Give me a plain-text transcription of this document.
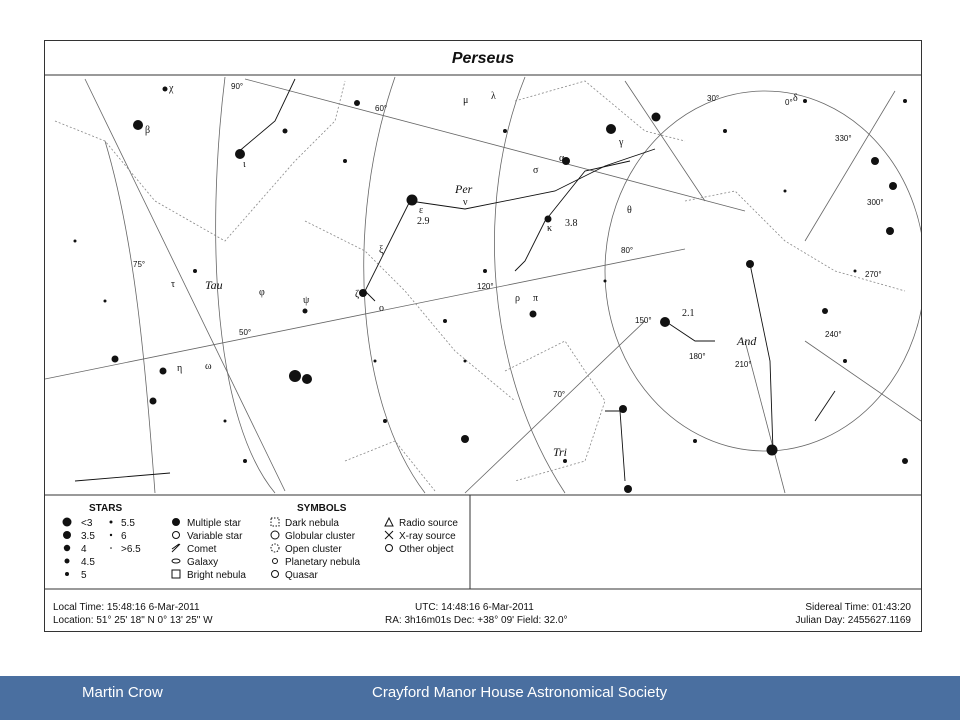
Perseus
Tau
Per
Tri
And
2.9	3.8
2.1
χ
β
ι
τ
ν
κ
ω
ε
φ
ψ
ζ
o
ξ
μ λ
σ
α
γ
δ
θ
ρ π
η
90°
60°
30°
120°
150°
180°
210°
240°
270°
300°
330°
0°
75°
50°
70°
80°
STARS
<3
3.5
4
4.5
5
5.5
6
>6.5
SYMBOLS
Multiple star
Variable star
Comet
Galaxy
Bright nebula
Dark nebula
Globular cluster
Open cluster
Planetary nebula
Quasar
Radio source
X-ray source
Other object
Local Time: 15:48:16 6-Mar-2011
Location: 51° 25' 18" N 0° 13' 25" W
UTC: 14:48:16 6-Mar-2011
RA: 3h16m01s Dec: +38° 09' Field: 32.0°
Sidereal Time: 01:43:20
Julian Day: 2455627.1169
Martin Crow	Crayford Manor House Astronomical Society
